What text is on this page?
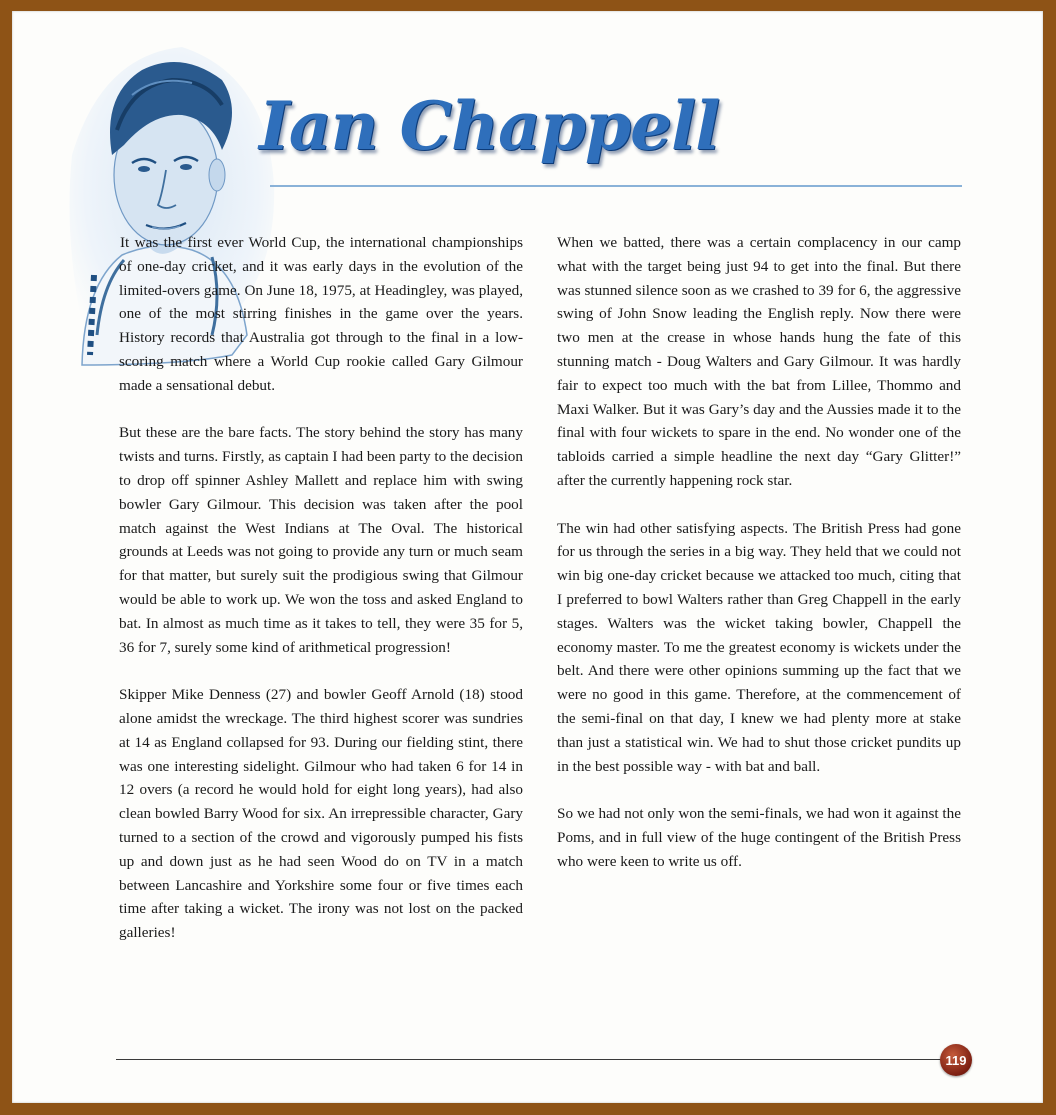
Ian Chappell

It was the first ever World Cup, the international championships of one-day cricket, and it was early days in the evolution of the limited-overs game. On June 18, 1975, at Headingley, was played, one of the most stirring finishes in the game over the years. History records that Australia got through to the final in a low-scoring match where a World Cup rookie called Gary Gilmour made a sensational debut.

But these are the bare facts. The story behind the story has many twists and turns. Firstly, as captain I had been party to the decision to drop off spinner Ashley Mallett and replace him with swing bowler Gary Gilmour. This decision was taken after the pool match against the West Indians at The Oval. The historical grounds at Leeds was not going to provide any turn or much seam for that matter, but surely suit the prodigious swing that Gilmour would be able to work up. We won the toss and asked England to bat. In almost as much time as it takes to tell, they were 35 for 5, 36 for 7, surely some kind of arithmetical progression!

Skipper Mike Denness (27) and bowler Geoff Arnold (18) stood alone amidst the wreckage. The third highest scorer was sundries at 14 as England collapsed for 93. During our fielding stint, there was one interesting sidelight. Gilmour who had taken 6 for 14 in 12 overs (a record he would hold for eight long years), had also clean bowled Barry Wood for six. An irrepressible character, Gary turned to a section of the crowd and vigorously pumped his fists up and down just as he had seen Wood do on TV in a match between Lancashire and Yorkshire some four or five times each time after taking a wicket. The irony was not lost on the packed galleries!

When we batted, there was a certain complacency in our camp what with the target being just 94 to get into the final. But there was stunned silence soon as we crashed to 39 for 6, the aggressive swing of John Snow leading the English reply. Now there were two men at the crease in whose hands hung the fate of this stunning match - Doug Walters and Gary Gilmour. It was hardly fair to expect too much with the bat from Lillee, Thommo and Maxi Walker. But it was Gary’s day and the Aussies made it to the final with four wickets to spare in the end. No wonder one of the tabloids carried a simple headline the next day “Gary Glitter!” after the currently happening rock star.

The win had other satisfying aspects. The British Press had gone for us through the series in a big way. They held that we could not win big one-day cricket because we attacked too much, citing that I preferred to bowl Walters rather than Greg Chappell in the early stages. Walters was the wicket taking bowler, Chappell the economy master. To me the greatest economy is wickets under the belt. And there were other opinions summing up the fact that we were no good in this game. Therefore, at the commencement of the semi-final on that day, I knew we had plenty more at stake than just a statistical win. We had to shut those cricket pundits up in the best possible way - with bat and ball.

So we had not only won the semi-finals, we had won it against the Poms, and in full view of the huge contingent of the British Press who were keen to write us off.

119
